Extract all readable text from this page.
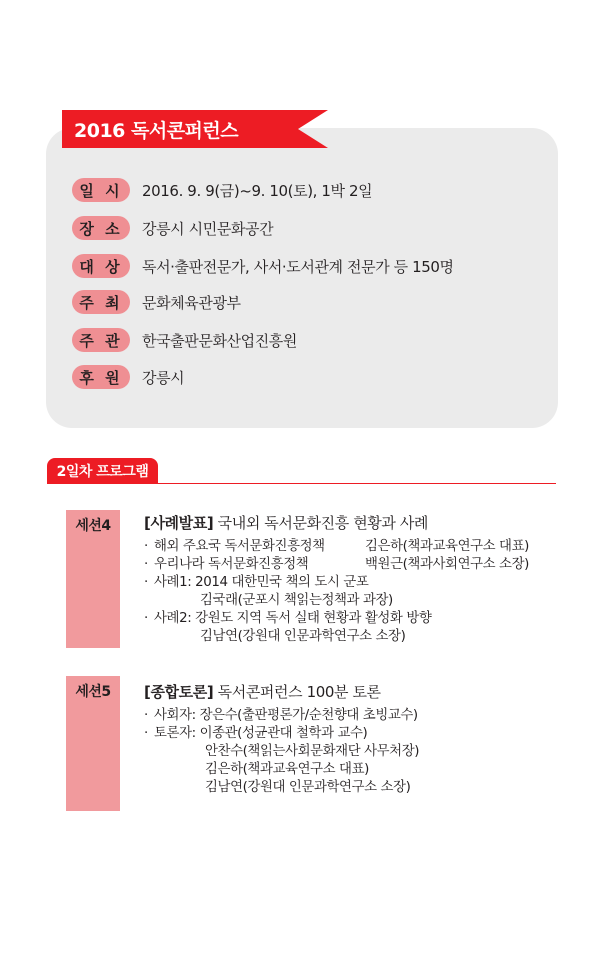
2016 독서콘퍼런스
일 시	2016. 9. 9(금)~9. 10(토), 1박 2일
장 소	강릉시 시민문화공간
대 상	독서·출판전문가, 사서·도서관계 전문가 등 150명
주 최	문화체육관광부
주 관	한국출판문화산업진흥원
후 원	강릉시
2일차 프로그램
세션4	[사례발표] 국내외 독서문화진흥 현황과 사례
· 해외 주요국 독서문화진흥정책	김은하(책과교육연구소 대표)
· 우리나라 독서문화진흥정책	백원근(책과사회연구소 소장)
· 사례1: 2014 대한민국 책의 도시 군포
김국래(군포시 책읽는정책과 과장)
· 사례2: 강원도 지역 독서 실태 현황과 활성화 방향
김남연(강원대 인문과학연구소 소장)
세션5	[종합토론] 독서콘퍼런스 100분 토론
· 사회자: 장은수(출판평론가/순천향대 초빙교수)
· 토론자: 이종관(성균관대 철학과 교수)
안찬수(책읽는사회문화재단 사무처장)
김은하(책과교육연구소 대표)
김남연(강원대 인문과학연구소 소장)
